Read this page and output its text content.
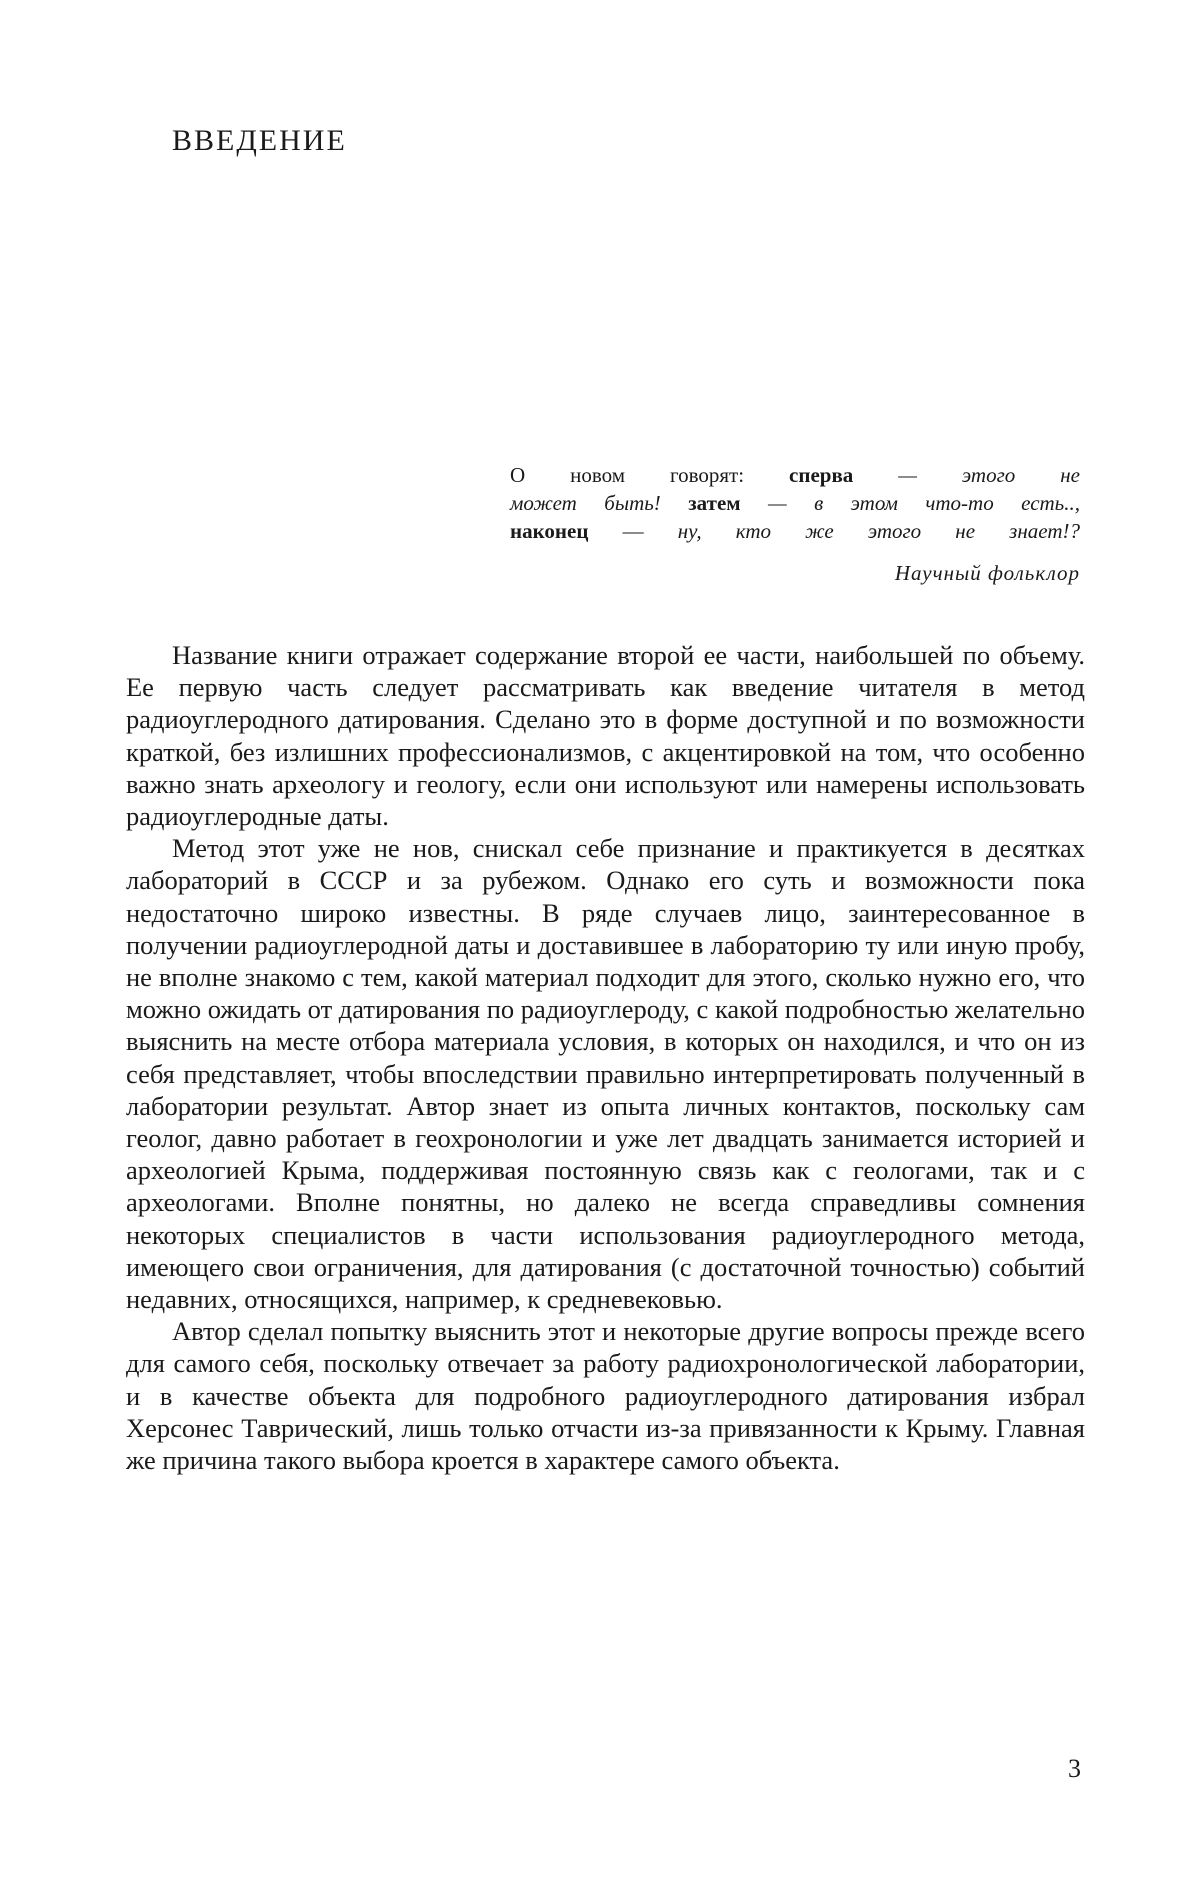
ВВЕДЕНИЕ
О новом говорят: сперва — этого не
может быть! затем — в этом что-то есть..,
наконец — ну, кто же этого не знает!?
Научный фольклор

Название книги отражает содержание второй ее части, наибольшей по объему. Ее первую часть следует рассматривать как введение читателя в метод радиоуглеродного датирования. Сделано это в форме доступной и по возможности краткой, без излишних профессионализмов, с акцентировкой на том, что особенно важно знать археологу и геологу, если они используют или намерены использовать радиоуглеродные даты.

Метод этот уже не нов, снискал себе признание и практикуется в десятках лабораторий в СССР и за рубежом. Однако его суть и возможности пока недостаточно широко известны. В ряде случаев лицо, заинтересованное в получении радиоуглеродной даты и доставившее в лабораторию ту или иную пробу, не вполне знакомо с тем, какой материал подходит для этого, сколько нужно его, что можно ожидать от датирования по радиоуглероду, с какой подробностью желательно выяснить на месте отбора материала условия, в которых он находился, и что он из себя представляет, чтобы впоследствии правильно интерпретировать полученный в лаборатории результат. Автор знает из опыта личных контактов, поскольку сам геолог, давно работает в геохронологии и уже лет двадцать занимается историей и археологией Крыма, поддерживая постоянную связь как с геологами, так и с археологами. Вполне понятны, но далеко не всегда справедливы сомнения некоторых специалистов в части использования радиоуглеродного метода, имеющего свои ограничения, для датирования (с достаточной точностью) событий недавних, относящихся, например, к средневековью.

Автор сделал попытку выяснить этот и некоторые другие вопросы прежде всего для самого себя, поскольку отвечает за работу радиохронологической лаборатории, и в качестве объекта для подробного радиоуглеродного датирования избрал Херсонес Таврический, лишь только отчасти из-за привязанности к Крыму. Главная же причина такого выбора кроется в характере самого объекта.

3
